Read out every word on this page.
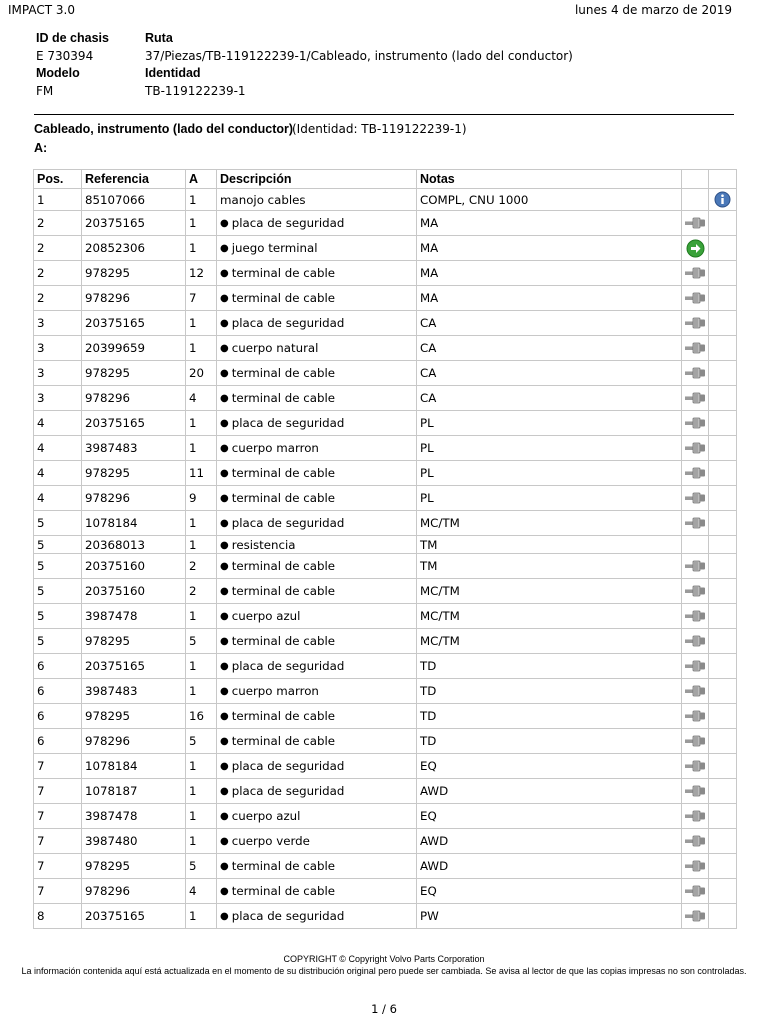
IMPACT 3.0	lunes 4 de marzo de 2019
ID de chasis	Ruta
E 730394	37/Piezas/TB-119122239-1/Cableado, instrumento (lado del conductor)
Modelo	Identidad
FM	TB-119122239-1
Cableado, instrumento (lado del conductor)
(Identidad: TB-119122239-1)
A:
Pos.	Referencia	A	Descripción	Notas		
1	85107066	1	manojo cables	COMPL, CNU 1000		
2	20375165	1	● placa de seguridad	MA		
2	20852306	1	● juego terminal	MA		
2	978295	12	● terminal de cable	MA		
2	978296	7	● terminal de cable	MA		
3	20375165	1	● placa de seguridad	CA		
3	20399659	1	● cuerpo natural	CA		
3	978295	20	● terminal de cable	CA		
3	978296	4	● terminal de cable	CA		
4	20375165	1	● placa de seguridad	PL		
4	3987483	1	● cuerpo marron	PL		
4	978295	11	● terminal de cable	PL		
4	978296	9	● terminal de cable	PL		
5	1078184	1	● placa de seguridad	MC/TM		
5	20368013	1	● resistencia	TM		
5	20375160	2	● terminal de cable	TM		
5	20375160	2	● terminal de cable	MC/TM		
5	3987478	1	● cuerpo azul	MC/TM		
5	978295	5	● terminal de cable	MC/TM		
6	20375165	1	● placa de seguridad	TD		
6	3987483	1	● cuerpo marron	TD		
6	978295	16	● terminal de cable	TD		
6	978296	5	● terminal de cable	TD		
7	1078184	1	● placa de seguridad	EQ		
7	1078187	1	● placa de seguridad	AWD		
7	3987478	1	● cuerpo azul	EQ		
7	3987480	1	● cuerpo verde	AWD		
7	978295	5	● terminal de cable	AWD		
7	978296	4	● terminal de cable	EQ		
8	20375165	1	● placa de seguridad	PW		
COPYRIGHT © Copyright Volvo Parts Corporation
La información contenida aquí está actualizada en el momento de su distribución original pero puede ser cambiada. Se avisa al lector de que las copias impresas no son controladas.
1 / 6
